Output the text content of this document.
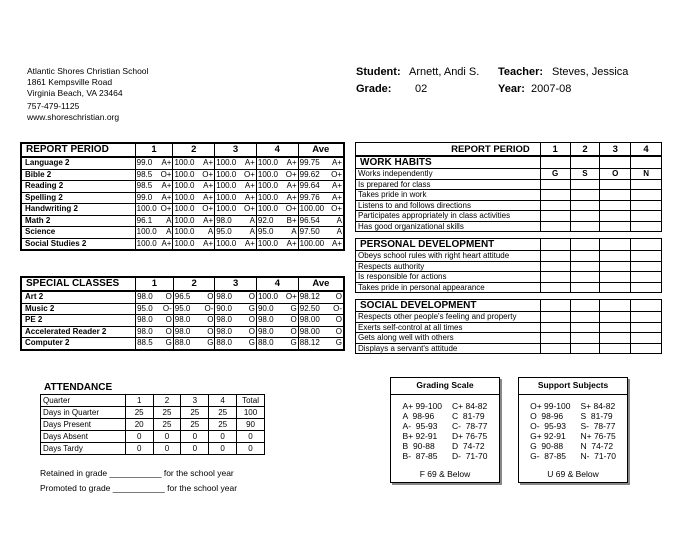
Atlantic Shores Christian School
1861 Kempsville Road
Virginia Beach, VA 23464
757-479-1125
www.shoreschristian.org
Student: Arnett, Andi S. Teacher: Steves, Jessica
Grade: 02	Year: 2007-08
REPORT PERIOD	1		2		3		4		Ave	
Language 2	99.0	A+	100.0	A+	100.0	A+	100.0	A+	99.75	A+
Bible 2	98.5	O+	100.0	O+	100.0	O+	100.0	O+	99.62	O+
Reading 2	98.5	A+	100.0	A+	100.0	A+	100.0	A+	99.64	A+
Spelling 2	99.0	A+	100.0	A+	100.0	A+	100.0	A+	99.76	A+
Handwriting 2	100.0	O+	100.0	O+	100.0	O+	100.0	O+	100.00	O+
Math 2	96.1	A	100.0	A+	98.0	A	92.0	B+	96.54	A
Science	100.0	A	100.0	A	95.0	A	95.0	A	97.50	A
Social Studies 2	100.0	A+	100.0	A+	100.0	A+	100.0	A+	100.00	A+
SPECIAL CLASSES	1		2		3		4		Ave	
Art 2	98.0	O	96.5	O	98.0	O	100.0	O+	98.12	O
Music 2	95.0	O-	95.0	O-	90.0	G	90.0	G	92.50	O-
PE 2	98.0	O	98.0	O	98.0	O	98.0	O	98.00	O
Accelerated Reader 2	98.0	O	98.0	O	98.0	O	98.0	O	98.00	O
Computer 2	88.5	G	88.0	G	88.0	G	88.0	G	88.12	G
REPORT PERIOD	1	2	3	4
WORK HABITS				
Works independently	G	S	O	N
Is prepared for class				
Takes pride in work				
Listens to and follows directions				
Participates appropriately in class activities				
Has good organizational skills				
PERSONAL DEVELOPMENT				
Obeys school rules with right heart attitude				
Respects authority				
Is responsible for actions				
Takes pride in personal appearance				
SOCIAL DEVELOPMENT				
Respects other people's feeling and property				
Exerts self-control at all times				
Gets along well with others				
Displays a servant's attitude				
ATTENDANCE
Quarter	1	2	3	4	Total
Days in Quarter	25	25	25	25	100
Days Present	20	25	25	25	90
Days Absent	0	0	0	0	0
Days Tardy	0	0	0	0	0
Retained in grade ___________ for the school year
Promoted to grade ___________ for the school year
Grading Scale
A+ 99-100
A  98-96
A-  95-93
B+ 92-91
B  90-88
B-  87-85
C+ 84-82
C  81-79
C-  78-77
D+ 76-75
D  74-72
D-  71-70
F 69 & Below
Support Subjects
O+ 99-100
O  98-96
O-  95-93
G+ 92-91
G  90-88
G-  87-85
S+ 84-82
S  81-79
S-  78-77
N+ 76-75
N  74-72
N-  71-70
U 69 & Below
